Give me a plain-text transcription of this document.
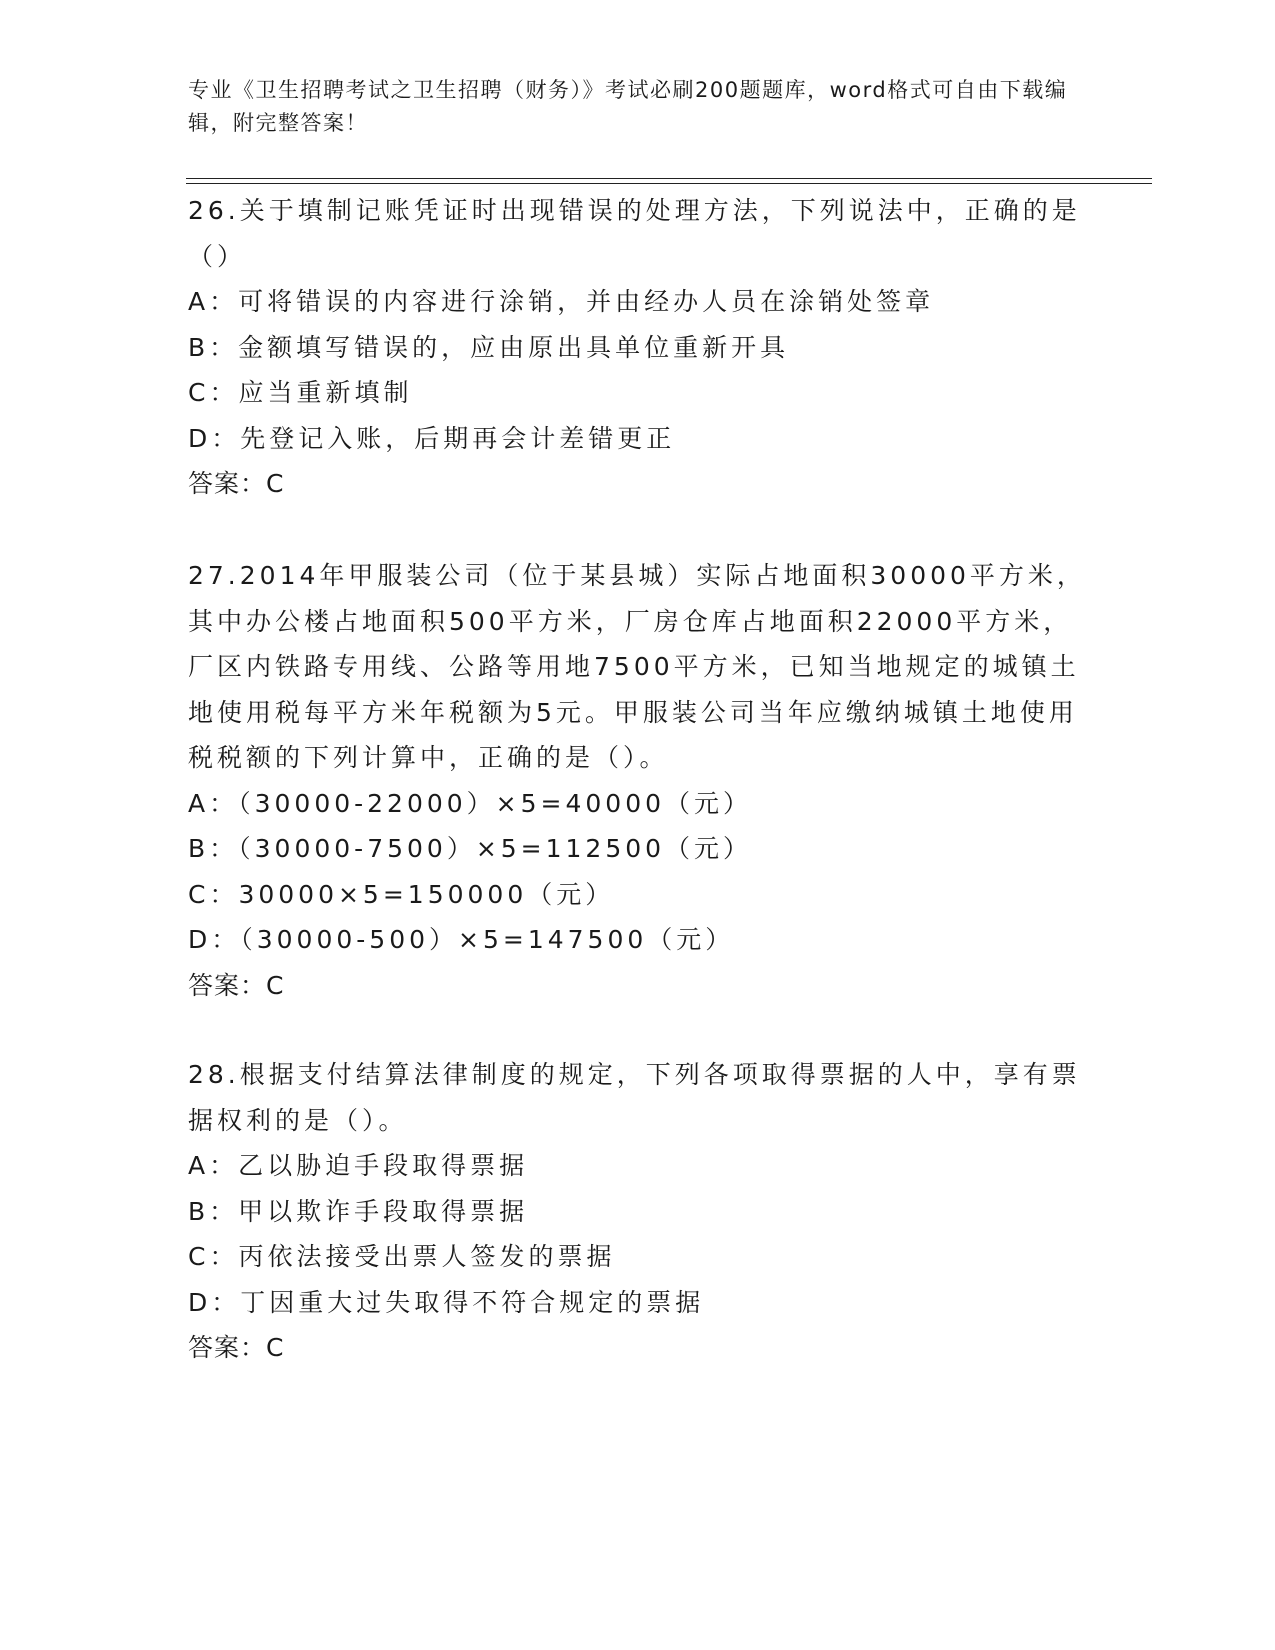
专业《卫生招聘考试之卫生招聘（财务）》考试必刷200题题库，word格式可自由下载编辑，附完整答案！

26.关于填制记账凭证时出现错误的处理方法，下列说法中，正确的是（）

A：可将错误的内容进行涂销，并由经办人员在涂销处签章

B：金额填写错误的，应由原出具单位重新开具

C：应当重新填制

D：先登记入账，后期再会计差错更正

答案：C

27.2014年甲服装公司（位于某县城）实际占地面积30000平方米，其中办公楼占地面积500平方米，厂房仓库占地面积22000平方米，厂区内铁路专用线、公路等用地7500平方米，已知当地规定的城镇土地使用税每平方米年税额为5元。甲服装公司当年应缴纳城镇土地使用税税额的下列计算中，正确的是（）。

A：（30000-22000）×5=40000（元）

B：（30000-7500）×5=112500（元）

C：30000×5=150000（元）

D：（30000-500）×5=147500（元）

答案：C

28.根据支付结算法律制度的规定，下列各项取得票据的人中，享有票据权利的是（）。

A：乙以胁迫手段取得票据

B：甲以欺诈手段取得票据

C：丙依法接受出票人签发的票据

D：丁因重大过失取得不符合规定的票据

答案：C
